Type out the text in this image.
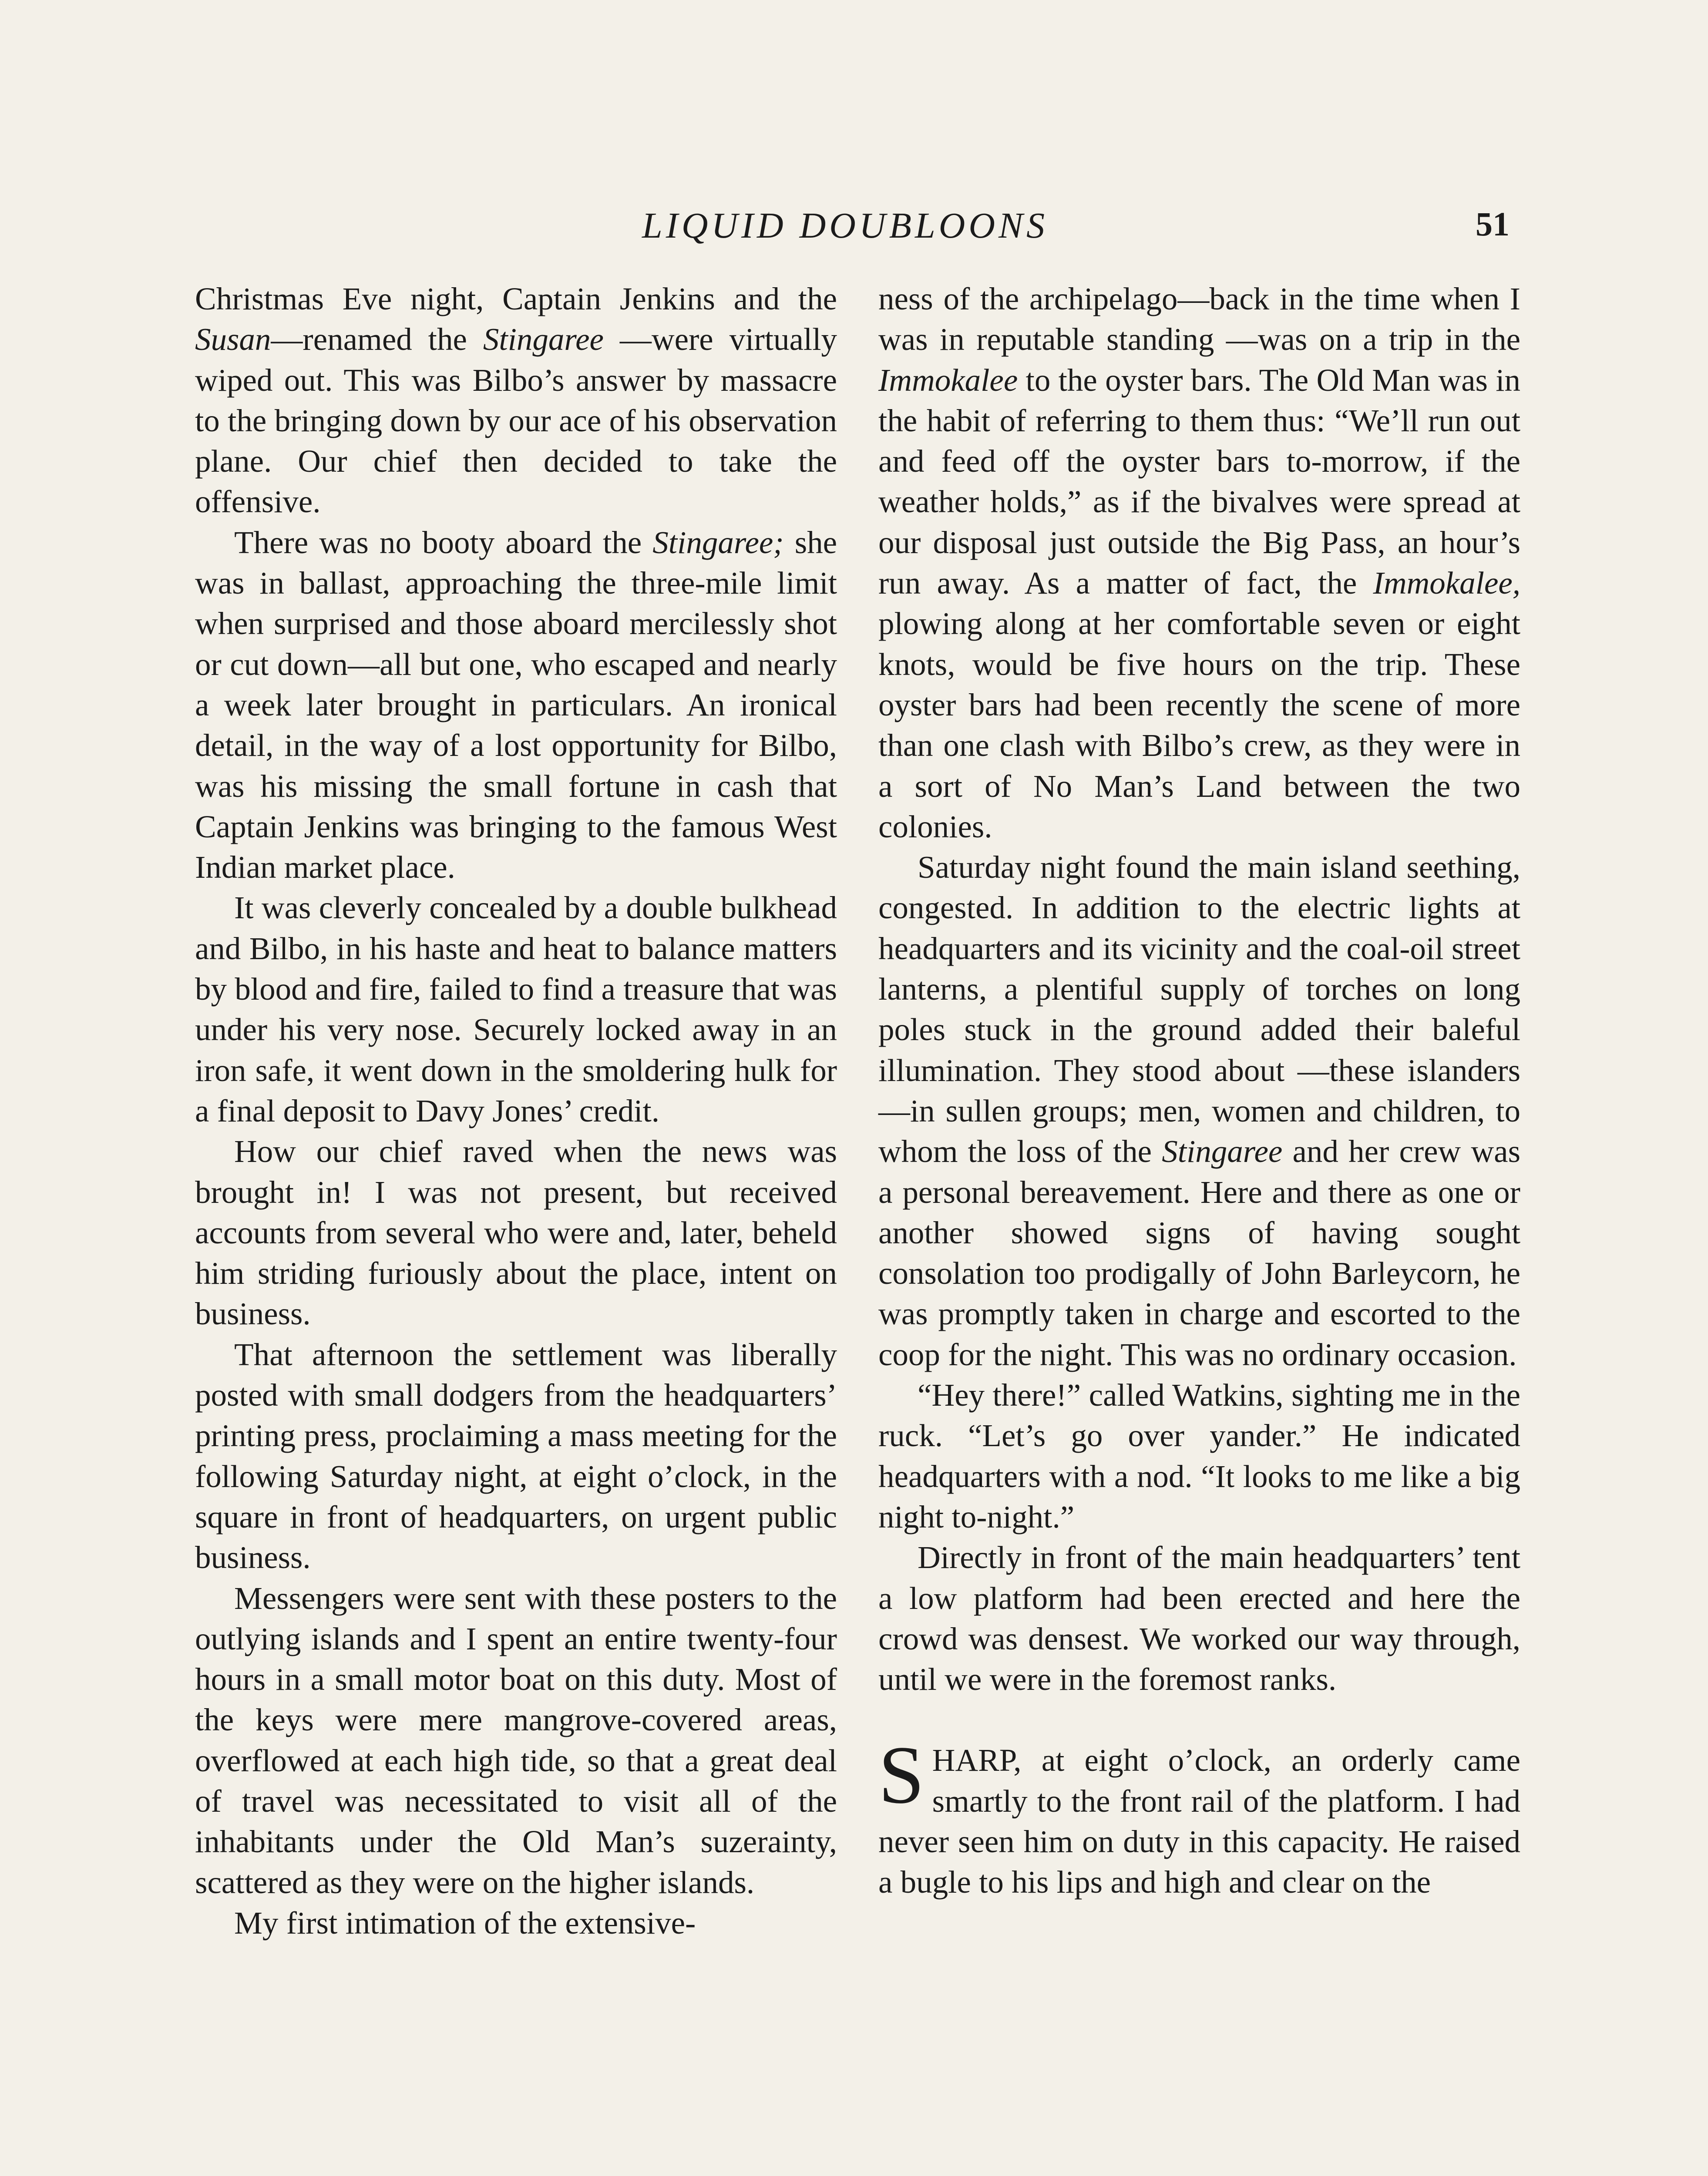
LIQUID DOUBLOONS	51

Christmas Eve night, Captain Jenkins and the Susan—renamed the Stingaree —were virtually wiped out. This was Bilbo’s answer by massacre to the bringing down by our ace of his observation plane. Our chief then decided to take the offensive.

There was no booty aboard the Stingaree; she was in ballast, approaching the three-mile limit when surprised and those aboard mercilessly shot or cut down—all but one, who escaped and nearly a week later brought in particulars. An ironical detail, in the way of a lost opportunity for Bilbo, was his missing the small fortune in cash that Captain Jenkins was bringing to the famous West Indian market place.

It was cleverly concealed by a double bulkhead and Bilbo, in his haste and heat to balance matters by blood and fire, failed to find a treasure that was under his very nose. Securely locked away in an iron safe, it went down in the smoldering hulk for a final deposit to Davy Jones’ credit.

How our chief raved when the news was brought in! I was not present, but received accounts from several who were and, later, beheld him striding furiously about the place, intent on business.

That afternoon the settlement was liberally posted with small dodgers from the headquarters’ printing press, proclaiming a mass meeting for the following Saturday night, at eight o’clock, in the square in front of headquarters, on urgent public business.

Messengers were sent with these posters to the outlying islands and I spent an entire twenty-four hours in a small motor boat on this duty. Most of the keys were mere mangrove-covered areas, overflowed at each high tide, so that a great deal of travel was necessitated to visit all of the inhabitants under the Old Man’s suzerainty, scattered as they were on the higher islands.

My first intimation of the extensive-

ness of the archipelago—back in the time when I was in reputable standing —was on a trip in the Immokalee to the oyster bars. The Old Man was in the habit of referring to them thus: “We’ll run out and feed off the oyster bars to-morrow, if the weather holds,” as if the bivalves were spread at our disposal just outside the Big Pass, an hour’s run away. As a matter of fact, the Immokalee, plowing along at her comfortable seven or eight knots, would be five hours on the trip. These oyster bars had been recently the scene of more than one clash with Bilbo’s crew, as they were in a sort of No Man’s Land between the two colonies.

Saturday night found the main island seething, congested. In addition to the electric lights at headquarters and its vicinity and the coal-oil street lanterns, a plentiful supply of torches on long poles stuck in the ground added their baleful illumination. They stood about —these islanders—in sullen groups; men, women and children, to whom the loss of the Stingaree and her crew was a personal bereavement. Here and there as one or another showed signs of having sought consolation too prodigally of John Barleycorn, he was promptly taken in charge and escorted to the coop for the night. This was no ordinary occasion.

“Hey there!” called Watkins, sighting me in the ruck. “Let’s go over yander.” He indicated headquarters with a nod. “It looks to me like a big night to-night.”

Directly in front of the main headquarters’ tent a low platform had been erected and here the crowd was densest. We worked our way through, until we were in the foremost ranks.

SHARP, at eight o’clock, an orderly came smartly to the front rail of the platform. I had never seen him on duty in this capacity. He raised a bugle to his lips and high and clear on the
